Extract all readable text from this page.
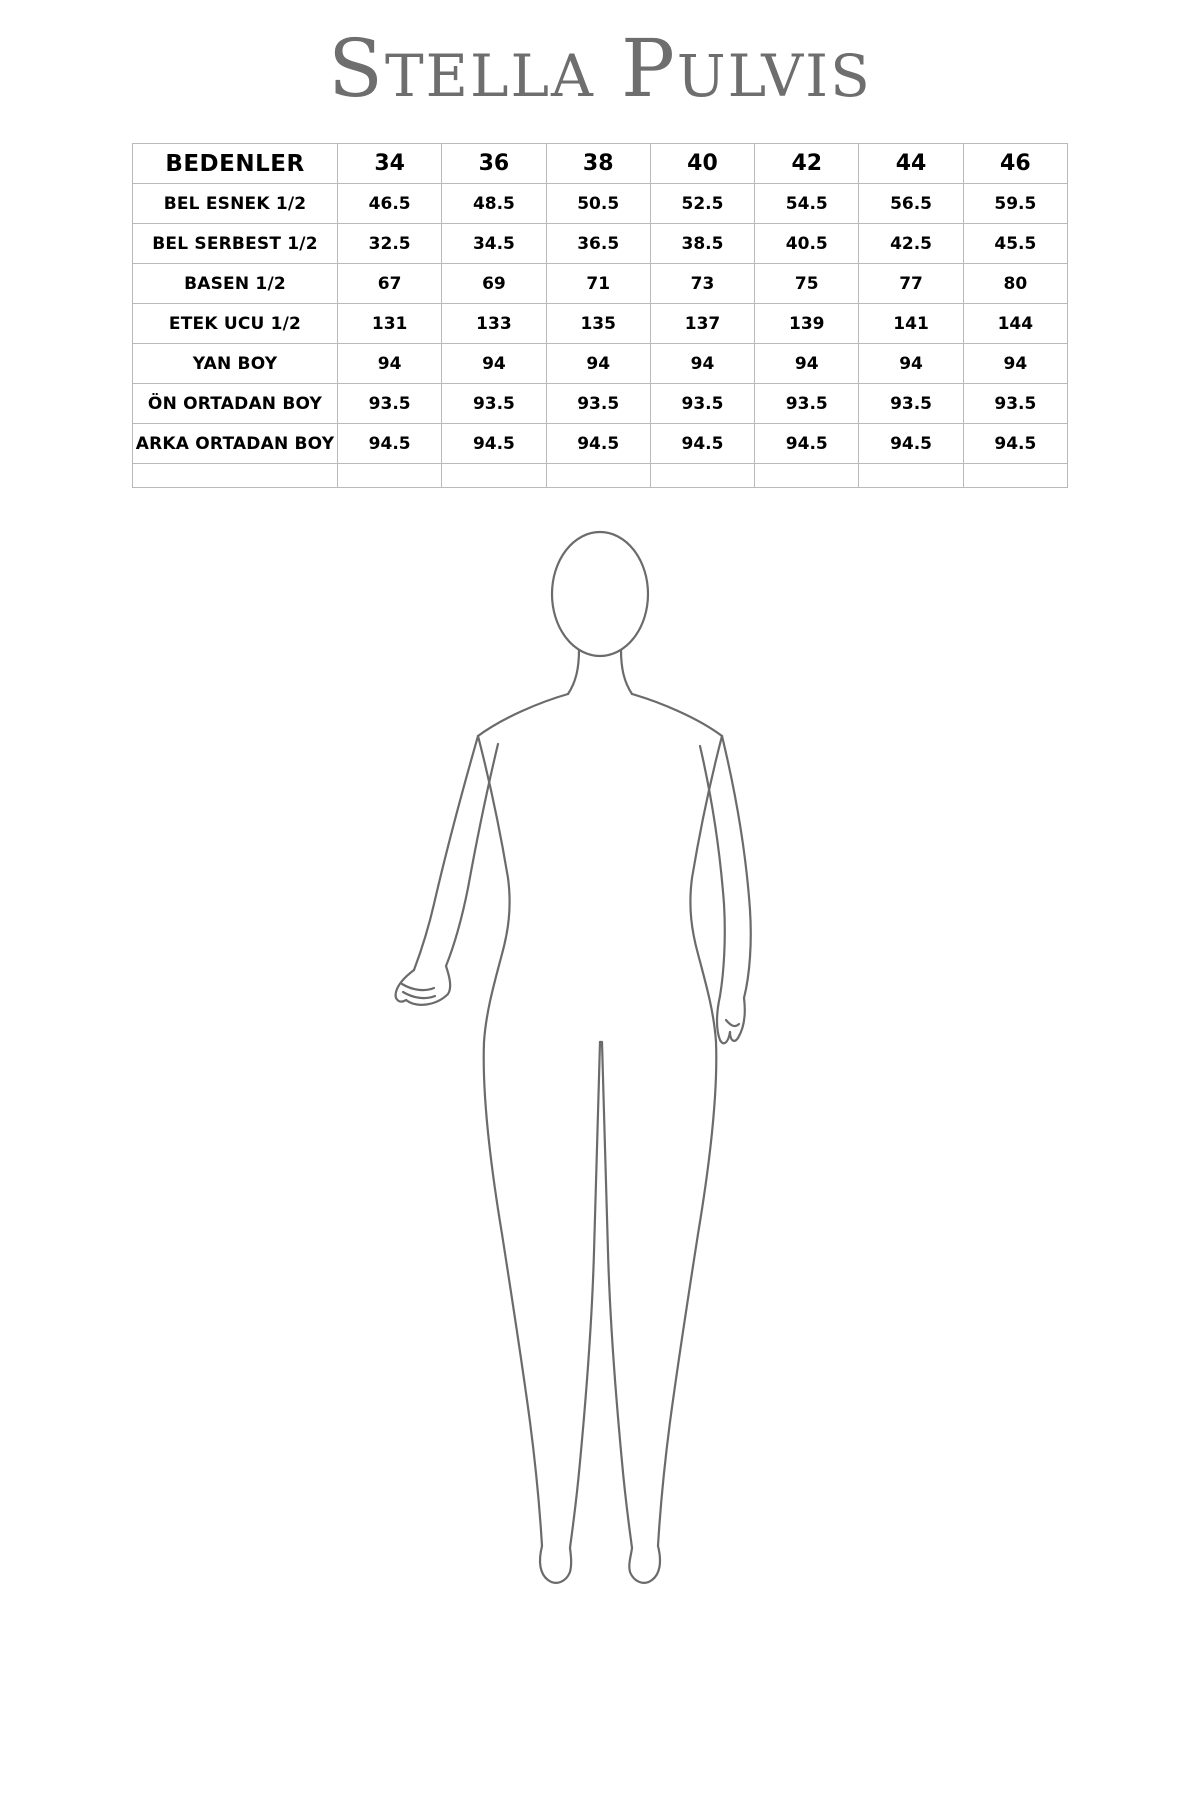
STELLA PULVIS
BEDENLER	34	36	38	40	42	44	46
BEL ESNEK 1/2	46.5	48.5	50.5	52.5	54.5	56.5	59.5
BEL SERBEST 1/2	32.5	34.5	36.5	38.5	40.5	42.5	45.5
BASEN 1/2	67	69	71	73	75	77	80
ETEK UCU 1/2	131	133	135	137	139	141	144
YAN BOY	94	94	94	94	94	94	94
ÖN ORTADAN BOY	93.5	93.5	93.5	93.5	93.5	93.5	93.5
ARKA ORTADAN BOY	94.5	94.5	94.5	94.5	94.5	94.5	94.5
